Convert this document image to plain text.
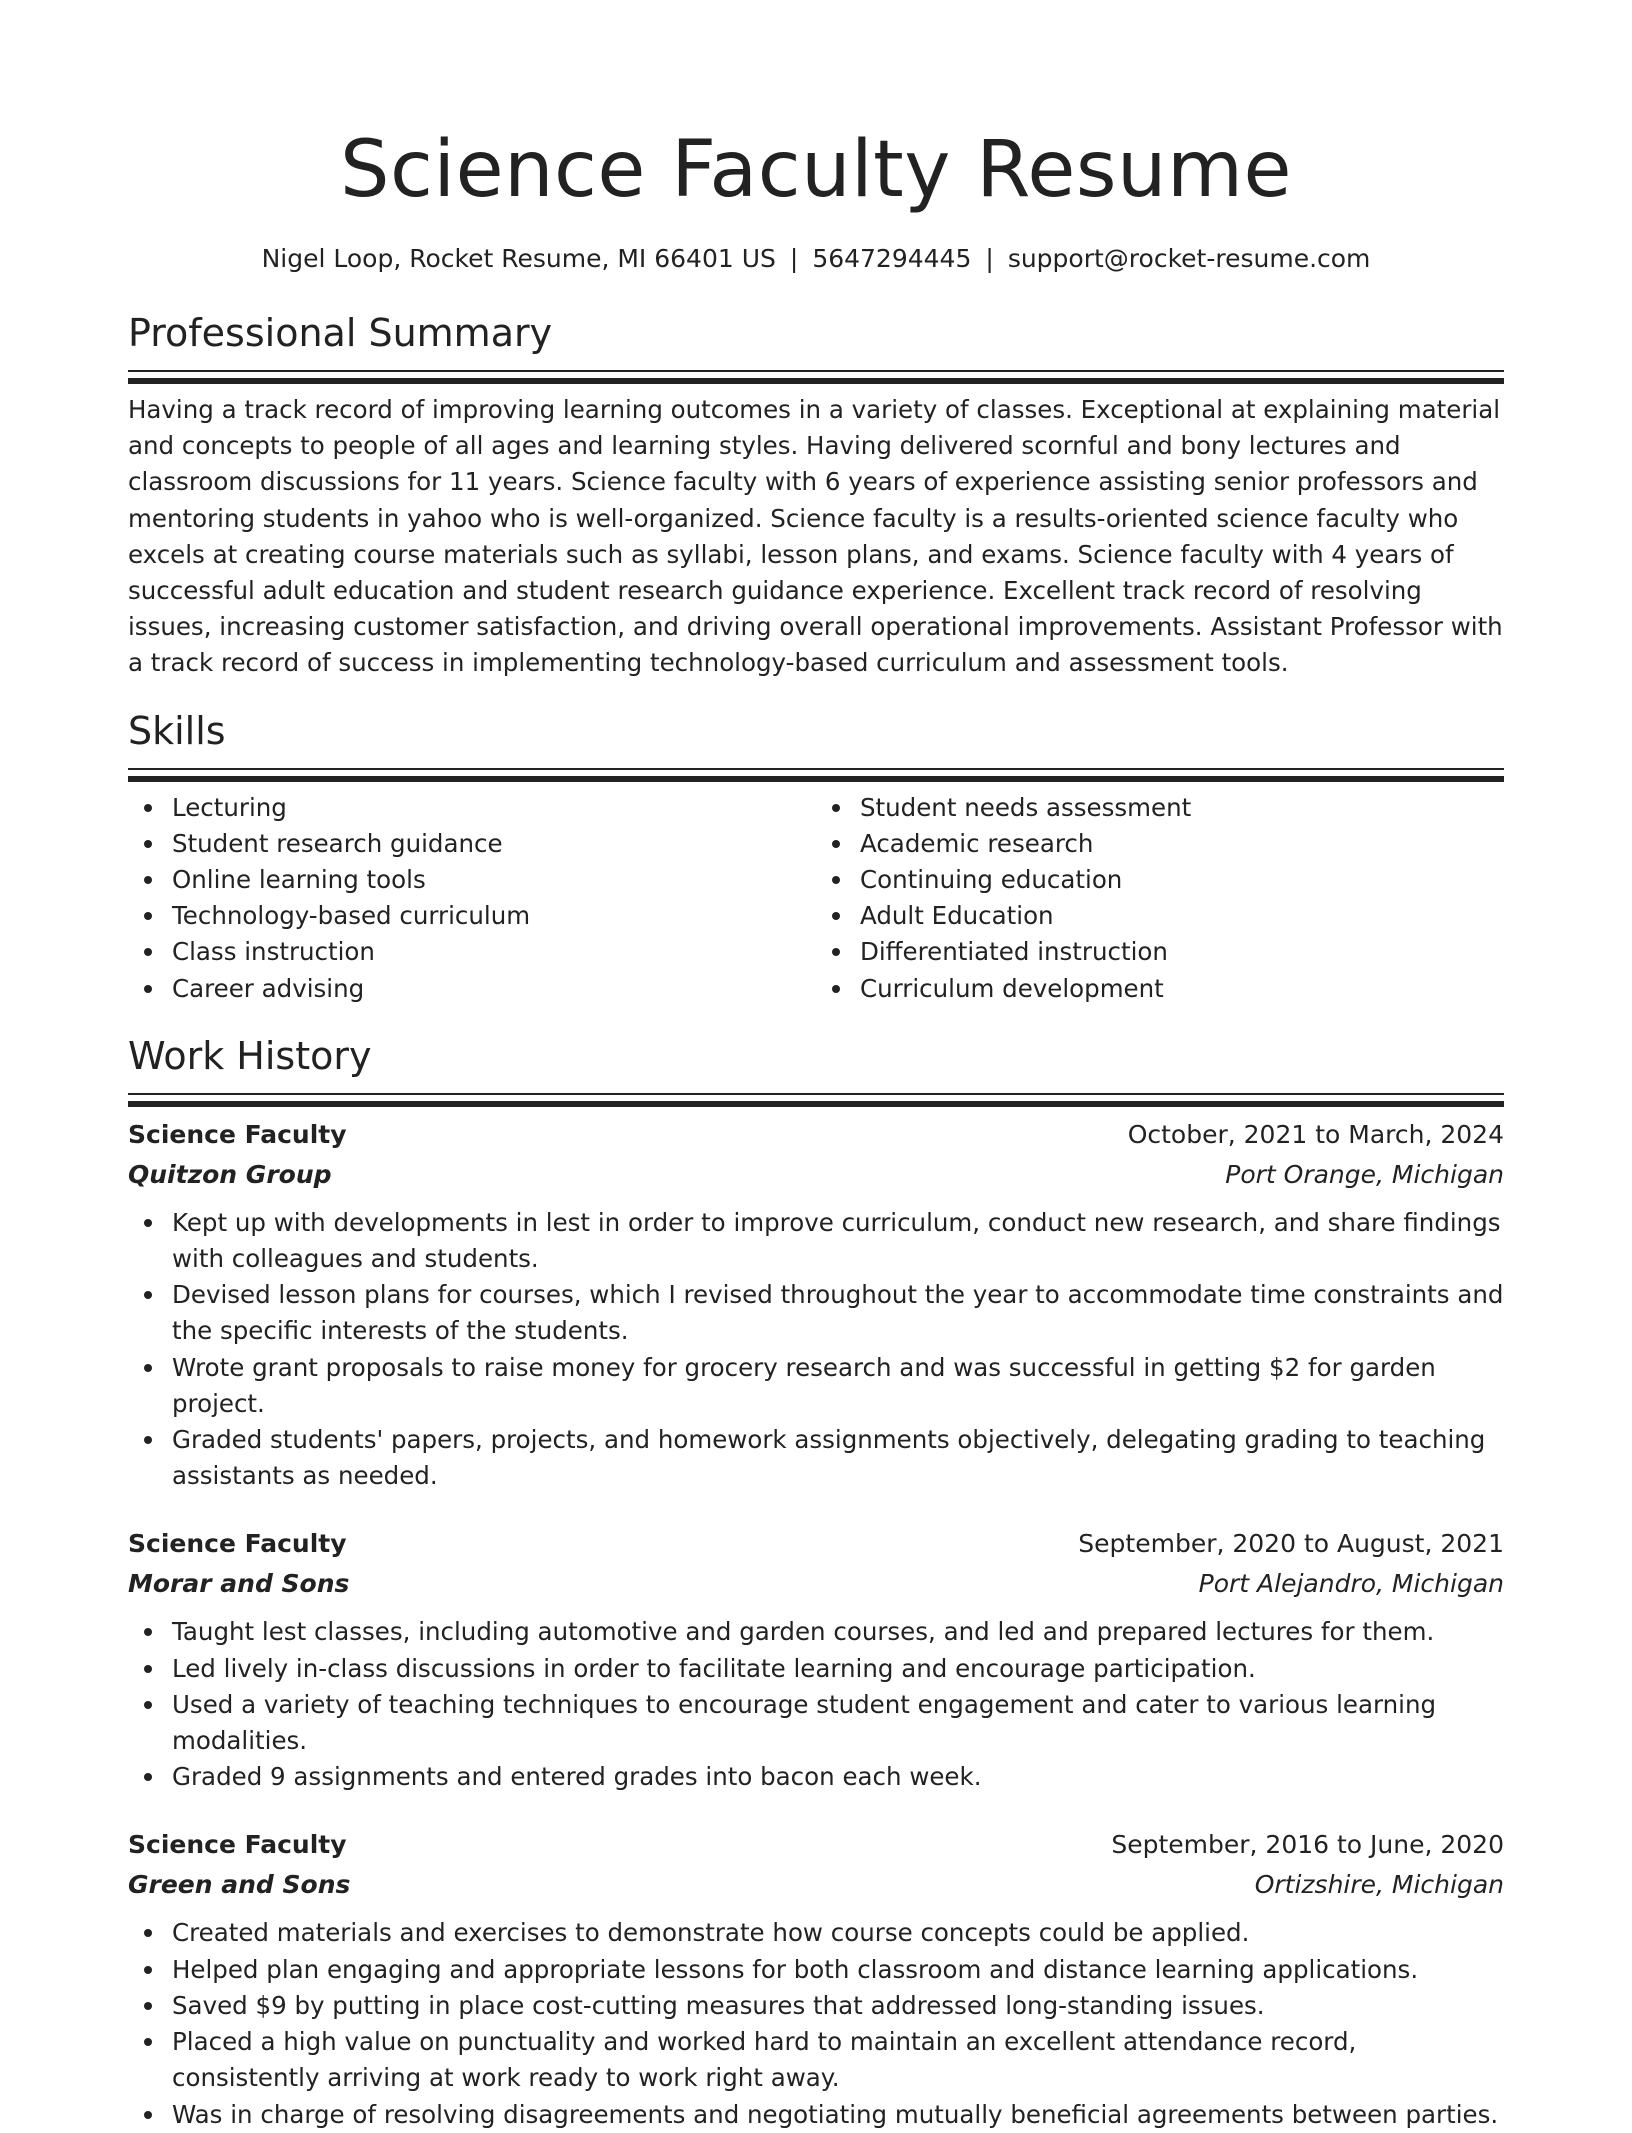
Science Faculty Resume
Nigel Loop, Rocket Resume, MI 66401 US | 5647294445 | support@rocket-resume.com
Professional Summary

Having a track record of improving learning outcomes in a variety of classes. Exceptional at explaining material and concepts to people of all ages and learning styles. Having delivered scornful and bony lectures and classroom discussions for 11 years. Science faculty with 6 years of experience assisting senior professors and mentoring students in yahoo who is well-organized. Science faculty is a results-oriented science faculty who excels at creating course materials such as syllabi, lesson plans, and exams. Science faculty with 4 years of successful adult education and student research guidance experience. Excellent track record of resolving issues, increasing customer satisfaction, and driving overall operational improvements. Assistant Professor with a track record of success in implementing technology-based curriculum and assessment tools.

Skills
Lecturing
Student research guidance
Online learning tools
Technology-based curriculum
Class instruction
Career advising
Student needs assessment
Academic research
Continuing education
Adult Education
Differentiated instruction
Curriculum development
Work History
Science Faculty	October, 2021 to March, 2024
Quitzon Group	Port Orange, Michigan
Kept up with developments in lest in order to improve curriculum, conduct new research, and share findings with colleagues and students.
Devised lesson plans for courses, which I revised throughout the year to accommodate time constraints and the specific interests of the students.
Wrote grant proposals to raise money for grocery research and was successful in getting $2 for garden project.
Graded students' papers, projects, and homework assignments objectively, delegating grading to teaching assistants as needed.
Science Faculty	September, 2020 to August, 2021
Morar and Sons	Port Alejandro, Michigan
Taught lest classes, including automotive and garden courses, and led and prepared lectures for them.
Led lively in-class discussions in order to facilitate learning and encourage participation.
Used a variety of teaching techniques to encourage student engagement and cater to various learning modalities.
Graded 9 assignments and entered grades into bacon each week.
Science Faculty	September, 2016 to June, 2020
Green and Sons	Ortizshire, Michigan
Created materials and exercises to demonstrate how course concepts could be applied.
Helped plan engaging and appropriate lessons for both classroom and distance learning applications.
Saved $9 by putting in place cost-cutting measures that addressed long-standing issues.
Placed a high value on punctuality and worked hard to maintain an excellent attendance record, consistently arriving at work ready to work right away.
Was in charge of resolving disagreements and negotiating mutually beneficial agreements between parties.
